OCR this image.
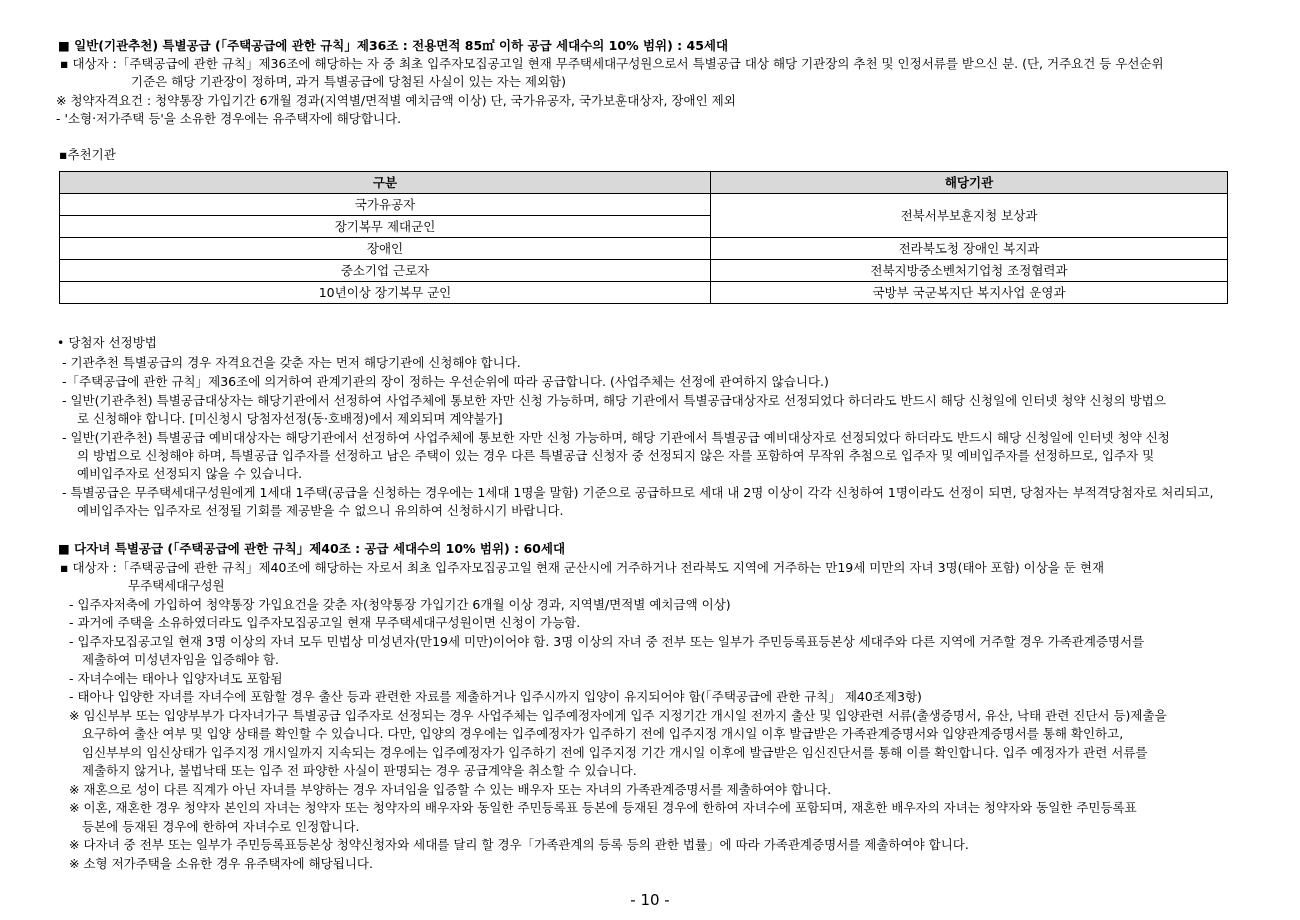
■ 일반(기관추천) 특별공급 (「주택공급에 관한 규칙」제36조 : 전용면적 85㎡ 이하 공급 세대수의 10% 범위) : 45세대
▪ 대상자 :「주택공급에 관한 규칙」제36조에 해당하는 자 중 최초 입주자모집공고일 현재 무주택세대구성원으로서 특별공급 대상 해당 기관장의 추천 및 인정서류를 받으신 분. (단, 거주요건 등 우선순위
기준은 해당 기관장이 정하며, 과거 특별공급에 당첨된 사실이 있는 자는 제외함)
※ 청약자격요건 : 청약통장 가입기간 6개월 경과(지역별/면적별 예치금액 이상) 단, 국가유공자, 국가보훈대상자, 장애인 제외
- '소형‧저가주택 등'을 소유한 경우에는 유주택자에 해당합니다.
▪추천기관
구분	해당기관
국가유공자	전북서부보훈지청 보상과
장기복무 제대군인	
장애인	전라북도청 장애인 복지과
중소기업 근로자	전북지방중소벤처기업청 조정협력과
10년이상 장기복무 군인	국방부 국군복지단 복지사업 운영과
• 당첨자 선정방법
- 기관추천 특별공급의 경우 자격요건을 갖춘 자는 먼저 해당기관에 신청해야 합니다.
-「주택공급에 관한 규칙」제36조에 의거하여 관계기관의 장이 정하는 우선순위에 따라 공급합니다. (사업주체는 선정에 관여하지 않습니다.)
- 일반(기관추천) 특별공급대상자는 해당기관에서 선정하여 사업주체에 통보한 자만 신청 가능하며, 해당 기관에서 특별공급대상자로 선정되었다 하더라도 반드시 해당 신청일에 인터넷 청약 신청의 방법으
로 신청해야 합니다. [미신청시 당첨자선정(동·호배정)에서 제외되며 계약불가]
- 일반(기관추천) 특별공급 예비대상자는 해당기관에서 선정하여 사업주체에 통보한 자만 신청 가능하며, 해당 기관에서 특별공급 예비대상자로 선정되었다 하더라도 반드시 해당 신청일에 인터넷 청약 신청
의 방법으로 신청해야 하며, 특별공급 입주자를 선정하고 남은 주택이 있는 경우 다른 특별공급 신청자 중 선정되지 않은 자를 포함하여 무작위 추첨으로 입주자 및 예비입주자를 선정하므로, 입주자 및
예비입주자로 선정되지 않을 수 있습니다.
- 특별공급은 무주택세대구성원에게 1세대 1주택(공급을 신청하는 경우에는 1세대 1명을 말함) 기준으로 공급하므로 세대 내 2명 이상이 각각 신청하여 1명이라도 선정이 되면, 당첨자는 부적격당첨자로 처리되고,
예비입주자는 입주자로 선정될 기회를 제공받을 수 없으니 유의하여 신청하시기 바랍니다.
■ 다자녀 특별공급 (「주택공급에 관한 규칙」제40조 : 공급 세대수의 10% 범위) : 60세대
▪ 대상자 :「주택공급에 관한 규칙」제40조에 해당하는 자로서 최초 입주자모집공고일 현재 군산시에 거주하거나 전라북도 지역에 거주하는 만19세 미만의 자녀 3명(태아 포함) 이상을 둔 현재
무주택세대구성원
- 입주자저축에 가입하여 청약통장 가입요건을 갖춘 자(청약통장 가입기간 6개월 이상 경과, 지역별/면적별 예치금액 이상)
- 과거에 주택을 소유하였더라도 입주자모집공고일 현재 무주택세대구성원이면 신청이 가능함.
- 입주자모집공고일 현재 3명 이상의 자녀 모두 민법상 미성년자(만19세 미만)이어야 함. 3명 이상의 자녀 중 전부 또는 일부가 주민등록표등본상 세대주와 다른 지역에 거주할 경우 가족관계증명서를
제출하여 미성년자임을 입증해야 함.
- 자녀수에는 태아나 입양자녀도 포함됨
- 태아나 입양한 자녀를 자녀수에 포함할 경우 출산 등과 관련한 자료를 제출하거나 입주시까지 입양이 유지되어야 함(「주택공급에 관한 규칙」 제40조제3항)
※ 임신부부 또는 입양부부가 다자녀가구 특별공급 입주자로 선정되는 경우 사업주체는 입주예정자에게 입주 지정기간 개시일 전까지 출산 및 입양관련 서류(출생증명서, 유산, 낙태 관련 진단서 등)제출을
요구하여 출산 여부 및 입양 상태를 확인할 수 있습니다. 다만, 입양의 경우에는 입주예정자가 입주하기 전에 입주지정 개시일 이후 발급받은 가족관계증명서와 입양관계증명서를 통해 확인하고,
임신부부의 임신상태가 입주지정 개시일까지 지속되는 경우에는 입주예정자가 입주하기 전에 입주지정 기간 개시일 이후에 발급받은 임신진단서를 통해 이를 확인합니다. 입주 예정자가 관련 서류를
제출하지 않거나, 불법낙태 또는 입주 전 파양한 사실이 판명되는 경우 공급계약을 취소할 수 있습니다.
※ 재혼으로 성이 다른 직계가 아닌 자녀를 부양하는 경우 자녀임을 입증할 수 있는 배우자 또는 자녀의 가족관계증명서를 제출하여야 합니다.
※ 이혼, 재혼한 경우 청약자 본인의 자녀는 청약자 또는 청약자의 배우자와 동일한 주민등록표 등본에 등재된 경우에 한하여 자녀수에 포함되며, 재혼한 배우자의 자녀는 청약자와 동일한 주민등록표
등본에 등재된 경우에 한하여 자녀수로 인정합니다.
※ 다자녀 중 전부 또는 일부가 주민등록표등본상 청약신청자와 세대를 달리 할 경우「가족관계의 등록 등의 관한 법률」에 따라 가족관계증명서를 제출하여야 합니다.
※ 소형 저가주택을 소유한 경우 유주택자에 해당됩니다.
- 10 -
